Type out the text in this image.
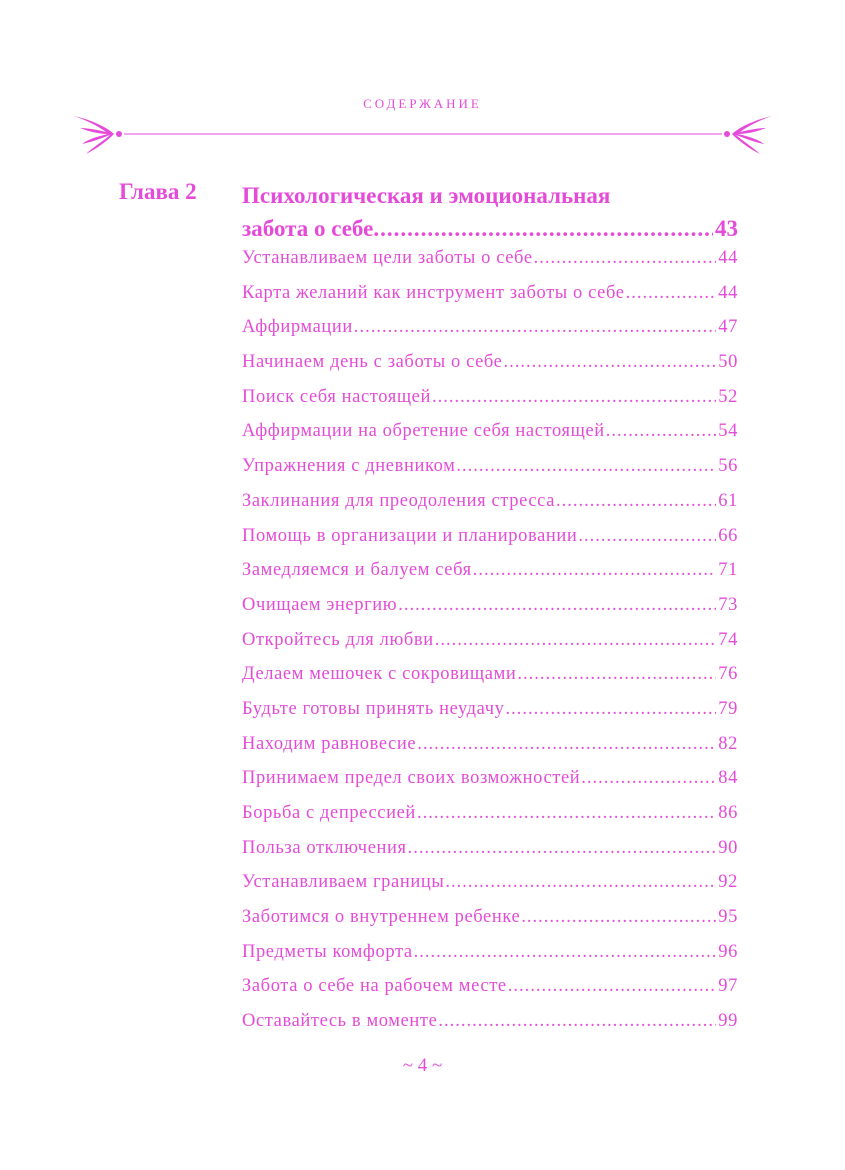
СОДЕРЖАНИЕ
Глава 2 Психологическая и эмоциональная
забота о себе .....	43
Устанавливаем цели заботы о себе .....	44
Карта желаний как инструмент заботы о себе .....	44
Аффирмации .....	47
Начинаем день с заботы о себе .....	50
Поиск себя настоящей .....	52
Аффирмации на обретение себя настоящей .....	54
Упражнения с дневником .....	56
Заклинания для преодоления стресса .....	61
Помощь в организации и планировании .....	66
Замедляемся и балуем себя .....	71
Очищаем энергию .....	73
Откройтесь для любви .....	74
Делаем мешочек с сокровищами .....	76
Будьте готовы принять неудачу .....	79
Находим равновесие .....	82
Принимаем предел своих возможностей .....	84
Борьба с депрессией .....	86
Польза отключения .....	90
Устанавливаем границы .....	92
Заботимся о внутреннем ребенке .....	95
Предметы комфорта .....	96
Забота о себе на рабочем месте .....	97
Оставайтесь в моменте .....	99
~ 4 ~
